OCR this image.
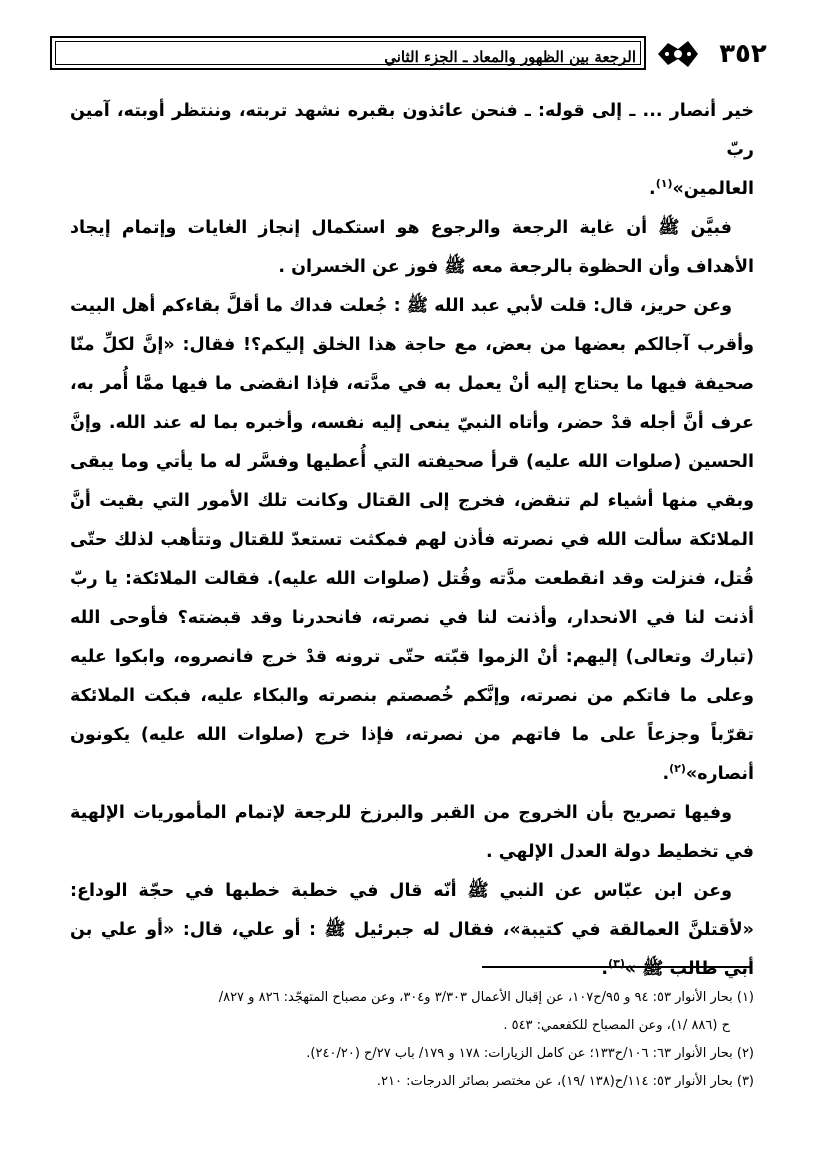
الرجعة بين الظهور والمعاد ـ الجزء الثاني	٣٥٢

خير أنصار ... ـ إلى قوله: ـ فنحن عائذون بقبره نشهد تربته، وننتظر أوبته، آمين ربّ
العالمين»$^{(١)}$.

فبيَّن ﷺ أن غاية الرجعة والرجوع هو استكمال إنجاز الغايات وإتمام إيجاد الأهداف وأن الحظوة بالرجعة معه ﷺ فوز عن الخسران .

وعن حريز، قال: قلت لأبي عبد الله ﷺ : جُعلت فداك ما أقلَّ بقاءكم أهل البيت وأقرب آجالكم بعضها من بعض، مع حاجة هذا الخلق إليكم؟! فقال: «إنَّ لكلِّ منّا صحيفة فيها ما يحتاج إليه أنْ يعمل به في مدَّته، فإذا انقضى ما فيها ممَّا أُمر به، عرف أنَّ أجله قدْ حضر، وأتاه النبيّ ينعى إليه نفسه، وأخبره بما له عند الله. وإنَّ الحسين (صلوات الله عليه) قرأ صحيفته التي أُعطيها وفسَّر له ما يأتي وما يبقى وبقي منها أشياء لم تنقض، فخرج إلى القتال وكانت تلك الأمور التي بقيت أنَّ الملائكة سألت الله في نصرته فأذن لهم فمكثت تستعدّ للقتال وتتأهب لذلك حتّى قُتل، فنزلت وقد انقطعت مدَّته وقُتل (صلوات الله عليه). فقالت الملائكة: يا ربّ أذنت لنا في الانحدار، وأذنت لنا في نصرته، فانحدرنا وقد قبضته؟ فأوحى الله (تبارك وتعالى) إليهم: أنْ الزموا قبّته حتّى ترونه قدْ خرج فانصروه، وابكوا عليه وعلى ما فاتكم من نصرته، وإنَّكم خُصصتم بنصرته والبكاء عليه، فبكت الملائكة تقرّباً وجزعاً على ما فاتهم من نصرته، فإذا خرج (صلوات الله عليه) يكونون أنصاره»$^{(٢)}$.

وفيها تصريح بأن الخروج من القبر والبرزخ للرجعة لإتمام المأموريات الإلهية في تخطيط دولة العدل الإلهي .

وعن ابن عبّاس عن النبي ﷺ أنّه قال في خطبة خطبها في حجّة الوداع: «لأقتلنَّ العمالقة في كتيبة»، فقال له جبرئيل ﷺ : أو علي، قال: «أو علي بن أبي طالب ﷺ »$^{(٣)}$.

(١) بحار الأنوار ٥٣: ٩٤ و ٩٥/ح١٠٧، عن إقبال الأعمال ٣/٣٠٣ و٣٠٤، وعن مصباح المتهجّد: ٨٢٦ و ٨٢٧/

ح (٨٨٦ /١)، وعن المصباح للكفعمي: ٥٤٣ .

(٢) بحار الأنوار ٦٣: ١٠٦/ح١٣٣؛ عن كامل الزيارات: ١٧٨ و ١٧٩/ باب ٢٧/ح (٢٤٠/٢٠).

(٣) بحار الأنوار ٥٣: ١١٤/ح(١٣٨ /١٩)، عن مختصر بصائر الدرجات: ٢١٠.
